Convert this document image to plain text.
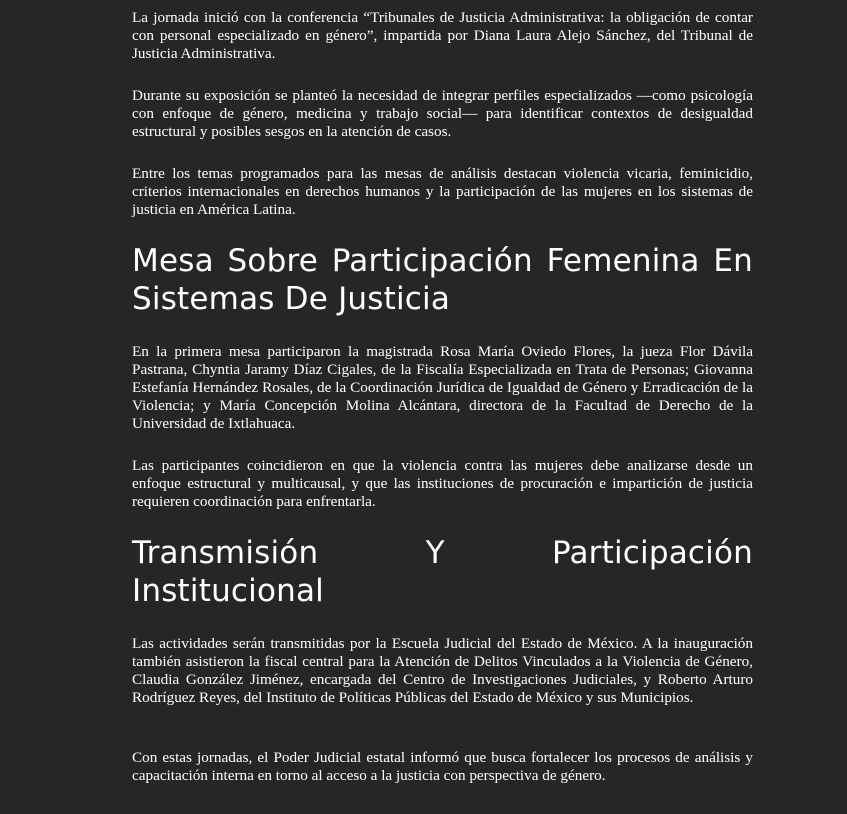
La jornada inició con la conferencia “Tribunales de Justicia Administrativa: la obligación de contar con personal especializado en género”, impartida por Diana Laura Alejo Sánchez, del Tribunal de Justicia Administrativa.

Durante su exposición se planteó la necesidad de integrar perfiles especializados —como psicología con enfoque de género, medicina y trabajo social— para identificar contextos de desigualdad estructural y posibles sesgos en la atención de casos.

Entre los temas programados para las mesas de análisis destacan violencia vicaria, feminicidio, criterios internacionales en derechos humanos y la participación de las mujeres en los sistemas de justicia en América Latina.

Mesa Sobre Participación Femenina En Sistemas De Justicia

En la primera mesa participaron la magistrada Rosa María Oviedo Flores, la jueza Flor Dávila Pastrana, Chyntia Jaramy Díaz Cigales, de la Fiscalía Especializada en Trata de Personas; Giovanna Estefanía Hernández Rosales, de la Coordinación Jurídica de Igualdad de Género y Erradicación de la Violencia; y María Concepción Molina Alcántara, directora de la Facultad de Derecho de la Universidad de Ixtlahuaca.

Las participantes coincidieron en que la violencia contra las mujeres debe analizarse desde un enfoque estructural y multicausal, y que las instituciones de procuración e impartición de justicia requieren coordinación para enfrentarla.

Transmisión Y Participación Institucional

Las actividades serán transmitidas por la Escuela Judicial del Estado de México. A la inauguración también asistieron la fiscal central para la Atención de Delitos Vinculados a la Violencia de Género, Claudia González Jiménez, encargada del Centro de Investigaciones Judiciales, y Roberto Arturo Rodríguez Reyes, del Instituto de Políticas Públicas del Estado de México y sus Municipios.

Con estas jornadas, el Poder Judicial estatal informó que busca fortalecer los procesos de análisis y capacitación interna en torno al acceso a la justicia con perspectiva de género.
